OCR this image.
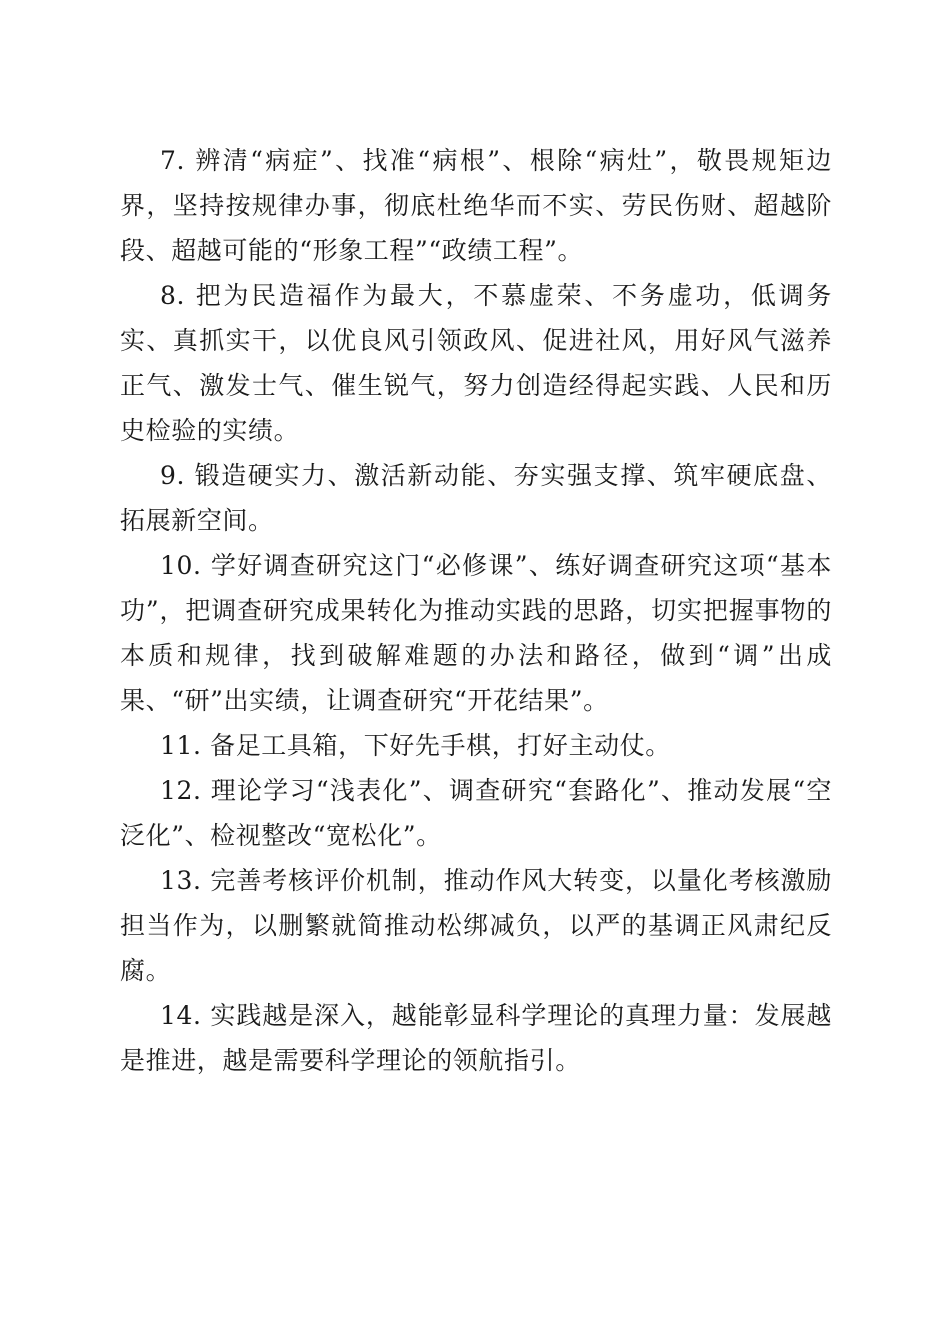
7. 辨清“病症”、找准“病根”、根除“病灶”，敬畏规矩边界，坚持按规律办事，彻底杜绝华而不实、劳民伤财、超越阶段、超越可能的“形象工程”“政绩工程”。

8. 把为民造福作为最大，不慕虚荣、不务虚功，低调务实、真抓实干，以优良风引领政风、促进社风，用好风气滋养正气、激发士气、催生锐气，努力创造经得起实践、人民和历史检验的实绩。

9. 锻造硬实力、激活新动能、夯实强支撑、筑牢硬底盘、拓展新空间。

10. 学好调查研究这门“必修课”、练好调查研究这项“基本功”，把调查研究成果转化为推动实践的思路，切实把握事物的本质和规律，找到破解难题的办法和路径，做到“调”出成果、“研”出实绩，让调查研究“开花结果”。

11. 备足工具箱，下好先手棋，打好主动仗。

12. 理论学习“浅表化”、调查研究“套路化”、推动发展“空泛化”、检视整改“宽松化”。

13. 完善考核评价机制，推动作风大转变，以量化考核激励担当作为，以删繁就简推动松绑减负，以严的基调正风肃纪反腐。

14. 实践越是深入，越能彰显科学理论的真理力量：发展越是推进，越是需要科学理论的领航指引。
